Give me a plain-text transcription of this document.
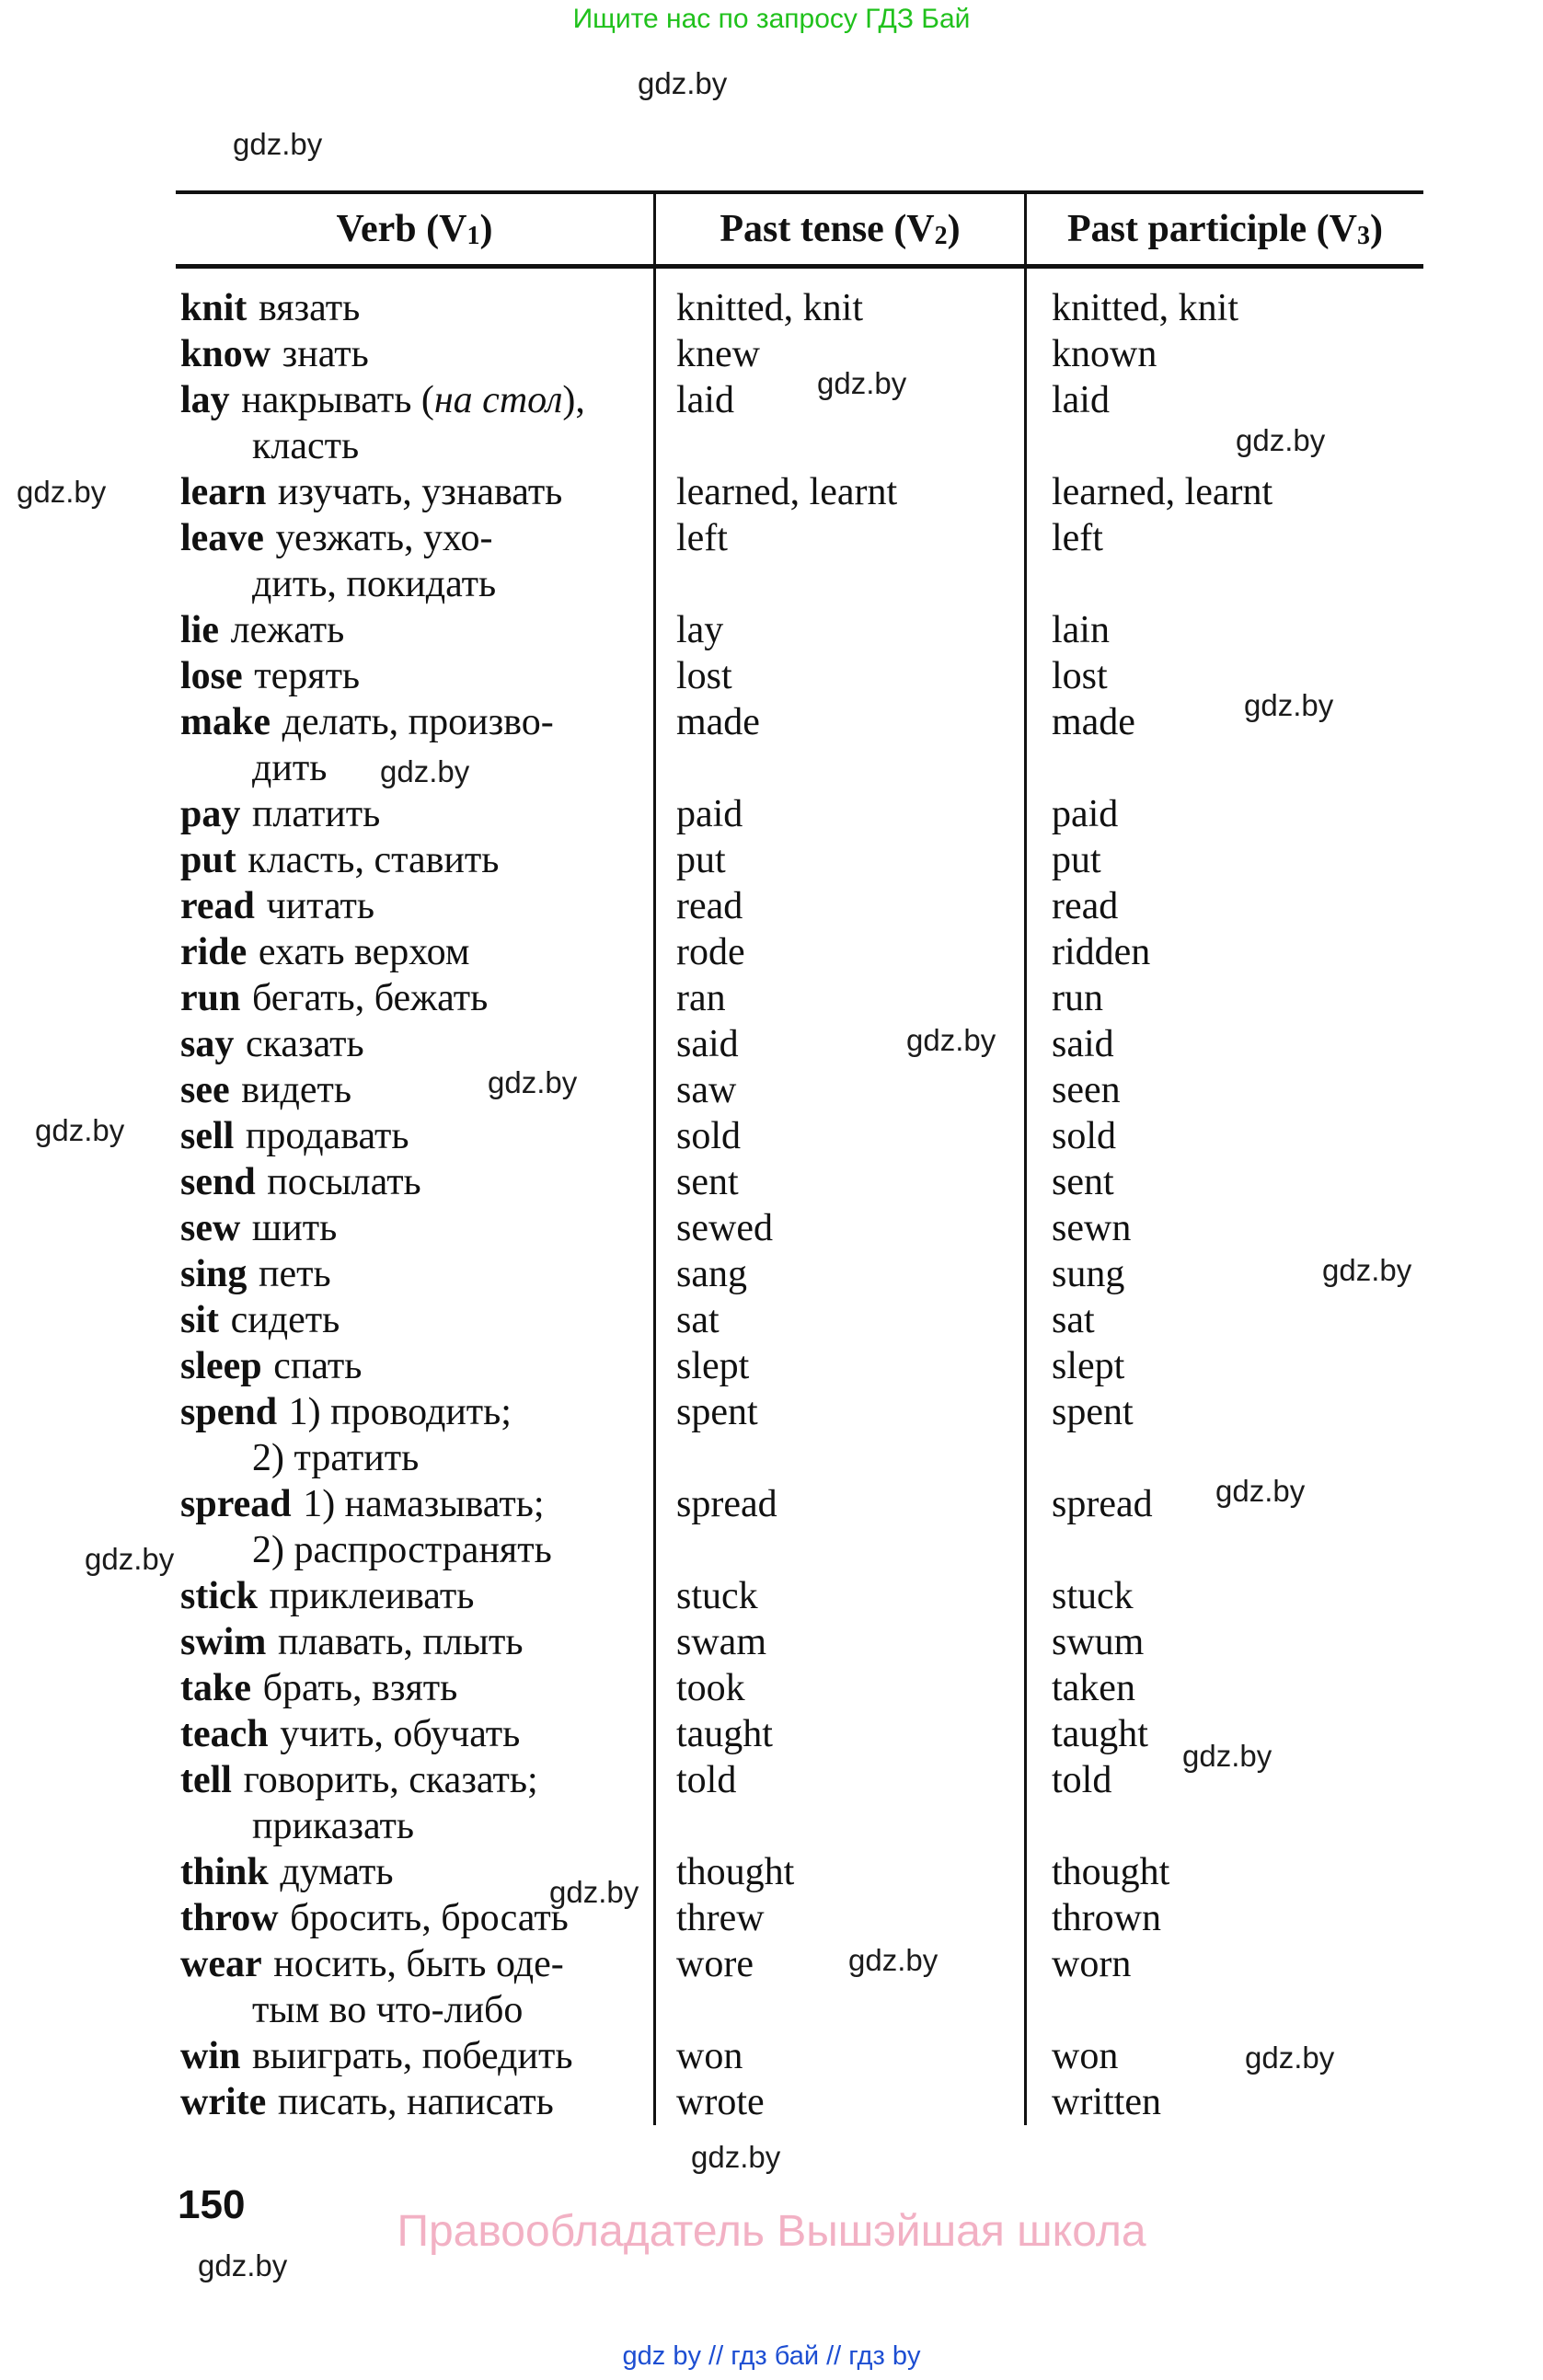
Ищите нас по запросу ГДЗ Бай
Verb (V 1 )	Past tense (V 2 )	Past participle (V 3 )
knit вязать
know знать
lay накрывать (на стол),
класть
learn изучать, узнавать
leave уезжать, ухо-
дить, покидать
lie лежать
lose терять
make делать, произво-
дить
pay платить
put класть, ставить
read читать
ride ехать верхом
run бегать, бежать
say сказать
see видеть
sell продавать
send посылать
sew шить
sing петь
sit сидеть
sleep спать
spend 1) проводить;
2) тратить
spread 1) намазывать;
2) распространять
stick приклеивать
swim плавать, плыть
take брать, взять
teach учить, обучать
tell говорить, сказать;
приказать
think думать
throw бросить, бросать
wear носить, быть оде-
тым во что-либо
win выиграть, победить
write писать, написать
knitted, knit
knew
laid
learned, learnt
left
lay
lost
made
paid
put
read
rode
ran
said
saw
sold
sent
sewed
sang
sat
slept
spent
spread
stuck
swam
took
taught
told
thought
threw
wore
won
wrote
knitted, knit
known
laid
learned, learnt
left
lain
lost
made
paid
put
read
ridden
run
said
seen
sold
sent
sewn
sung
sat
slept
spent
spread
stuck
swum
taken
taught
told
thought
thrown
worn
won
written
150
Правообладатель Вышэйшая школа
gdz by // гдз бай // гдз by
gdz.by
gdz.by
gdz.by
gdz.by
gdz.by
gdz.by
gdz.by
gdz.by
gdz.by
gdz.by
gdz.by
gdz.by
gdz.by
gdz.by
gdz.by
gdz.by
gdz.by
gdz.by
gdz.by
